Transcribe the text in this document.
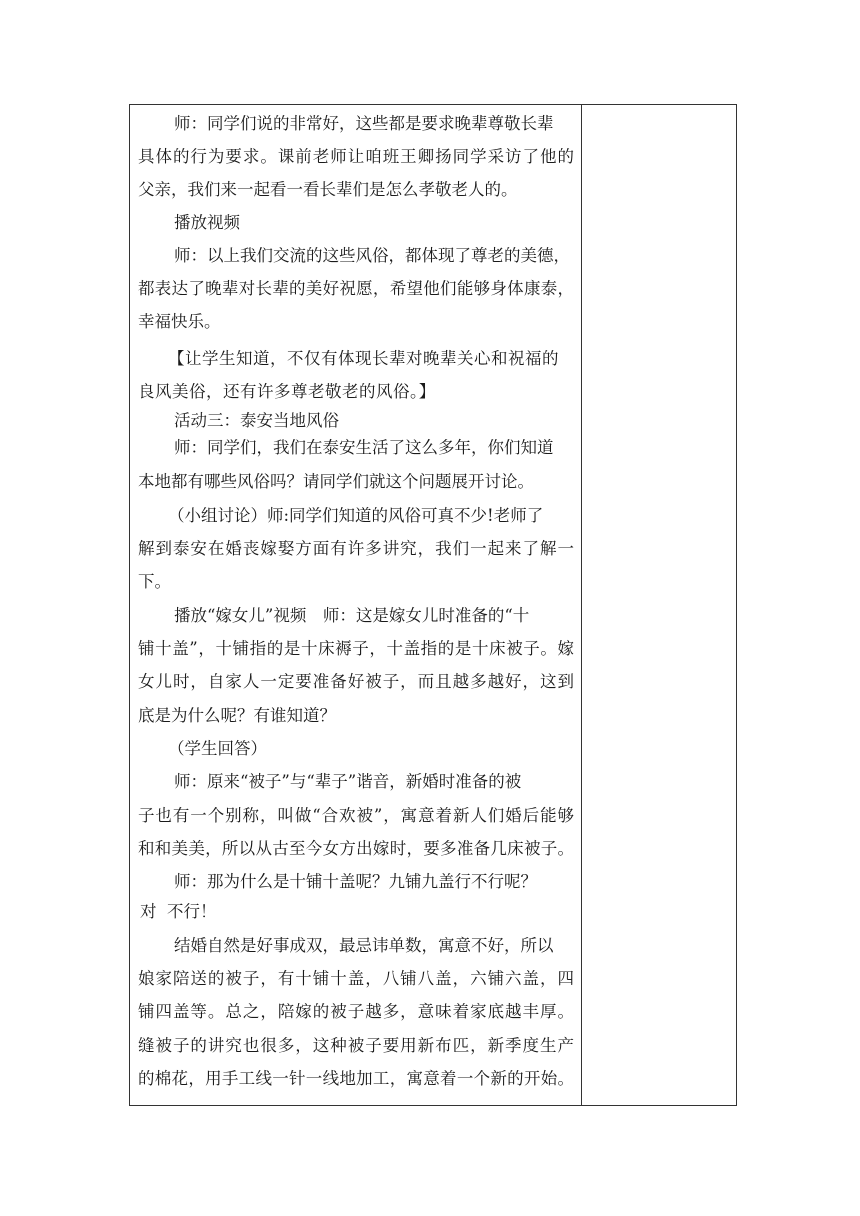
师：同学们说的非常好，这些都是要求晚辈尊敬长辈
具体的行为要求。课前老师让咱班王卿扬同学采访了他的
父亲，我们来一起看一看长辈们是怎么孝敬老人的。
播放视频
师：以上我们交流的这些风俗，都体现了尊老的美德，
都表达了晚辈对长辈的美好祝愿，希望他们能够身体康泰，
幸福快乐。
【让学生知道，不仅有体现长辈对晚辈关心和祝福的
良风美俗，还有许多尊老敬老的风俗。】
活动三：泰安当地风俗
师：同学们，我们在泰安生活了这么多年，你们知道
本地都有哪些风俗吗？请同学们就这个问题展开讨论。
（小组讨论）师:同学们知道的风俗可真不少!老师了
解到泰安在婚丧嫁娶方面有许多讲究，我们一起来了解一
下。
播放“嫁女儿”视频　师：这是嫁女儿时准备的“十
铺十盖”，十铺指的是十床褥子，十盖指的是十床被子。嫁
女儿时，自家人一定要准备好被子，而且越多越好，这到
底是为什么呢？有谁知道？
（学生回答）
师：原来“被子”与“辈子”谐音，新婚时准备的被
子也有一个别称，叫做“合欢被”，寓意着新人们婚后能够
和和美美，所以从古至今女方出嫁时，要多准备几床被子。
师：那为什么是十铺十盖呢？九铺九盖行不行呢？
对  不行！
结婚自然是好事成双，最忌讳单数，寓意不好，所以
娘家陪送的被子，有十铺十盖，八铺八盖，六铺六盖，四
铺四盖等。总之，陪嫁的被子越多，意味着家底越丰厚。
缝被子的讲究也很多，这种被子要用新布匹，新季度生产
的棉花，用手工线一针一线地加工，寓意着一个新的开始。
